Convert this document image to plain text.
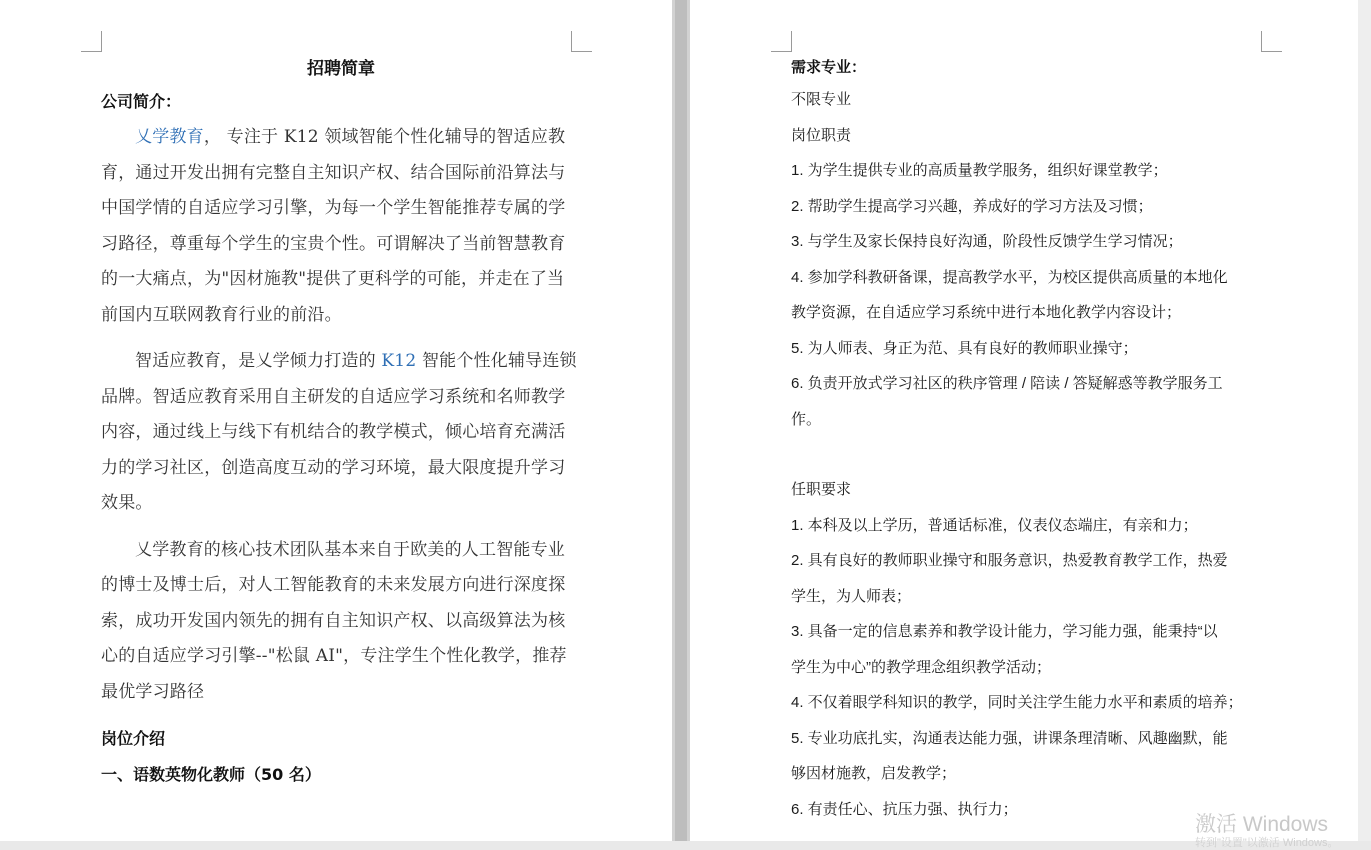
招聘简章
公司简介：

乂学教育， 专注于 K12 领域智能个性化辅导的智适应教育，通过开发出拥有完整自主知识产权、结合国际前沿算法与中国学情的自适应学习引擎，为每一个学生智能推荐专属的学习路径，尊重每个学生的宝贵个性。可谓解决了当前智慧教育的一大痛点，为"因材施教"提供了更科学的可能，并走在了当前国内互联网教育行业的前沿。

智适应教育，是乂学倾力打造的 K12 智能个性化辅导连锁品牌。智适应教育采用自主研发的自适应学习系统和名师教学内容，通过线上与线下有机结合的教学模式，倾心培育充满活力的学习社区，创造高度互动的学习环境，最大限度提升学习效果。

乂学教育的核心技术团队基本来自于欧美的人工智能专业的博士及博士后，对人工智能教育的未来发展方向进行深度探索，成功开发国内领先的拥有自主知识产权、以高级算法为核心的自适应学习引擎--"松鼠 AI"，专注学生个性化教学，推荐最优学习路径

岗位介绍
一、语数英物化教师（50 名）
需求专业：
不限专业
岗位职责
1. 为学生提供专业的高质量教学服务，组织好课堂教学；
2. 帮助学生提高学习兴趣，养成好的学习方法及习惯；
3. 与学生及家长保持良好沟通，阶段性反馈学生学习情况；
4. 参加学科教研备课，提高教学水平，为校区提供高质量的本地化
教学资源，在自适应学习系统中进行本地化教学内容设计；
5. 为人师表、身正为范、具有良好的教师职业操守；
6. 负责开放式学习社区的秩序管理 / 陪读 / 答疑解惑等教学服务工
作。
任职要求
1. 本科及以上学历，普通话标准，仪表仪态端庄，有亲和力；
2. 具有良好的教师职业操守和服务意识，热爱教育教学工作，热爱
学生，为人师表；
3. 具备一定的信息素养和教学设计能力，学习能力强，能秉持“以
学生为中心”的教学理念组织教学活动；
4. 不仅着眼学科知识的教学，同时关注学生能力水平和素质的培养；
5. 专业功底扎实，沟通表达能力强，讲课条理清晰、风趣幽默，能
够因材施教，启发教学；
6. 有责任心、抗压力强、执行力；
激活 Windows
转到"设置"以激活 Windows。
